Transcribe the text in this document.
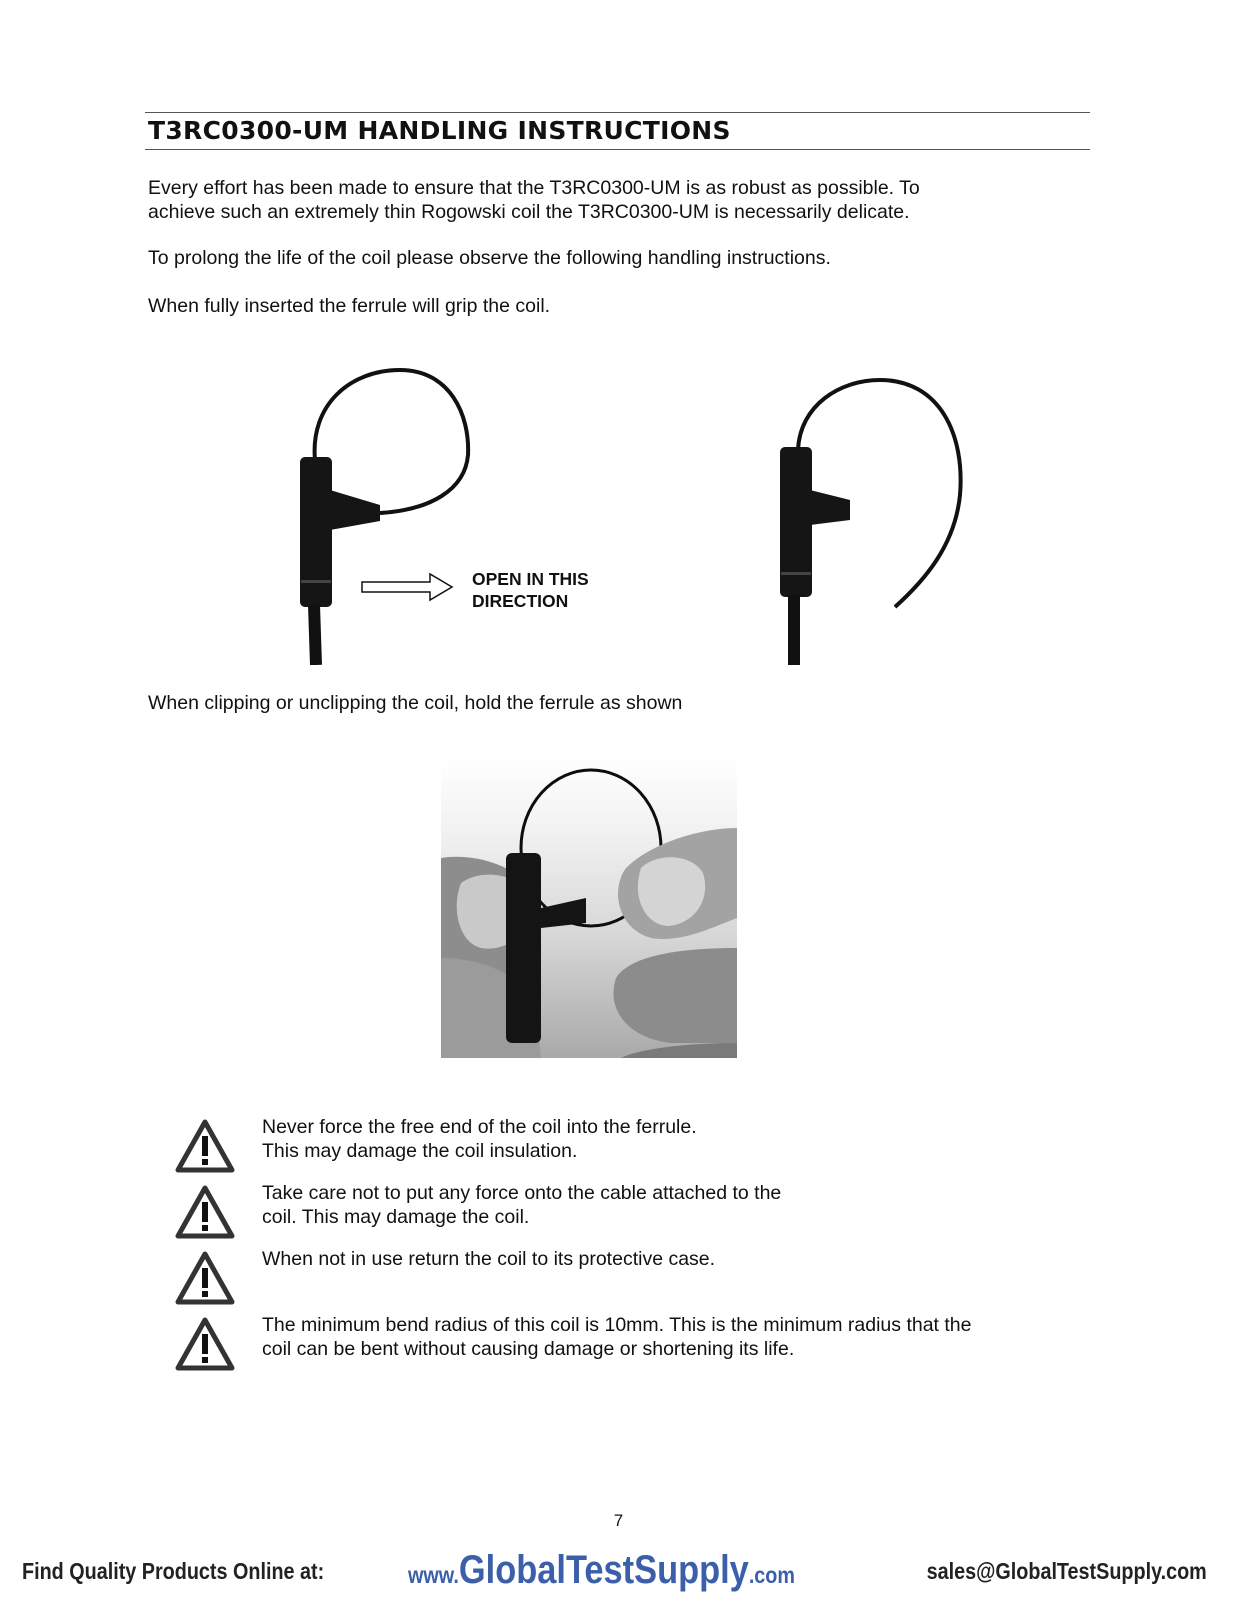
T3RC0300-UM HANDLING INSTRUCTIONS

Every effort has been made to ensure that the T3RC0300-UM is as robust as possible. To
achieve such an extremely thin Rogowski coil the T3RC0300-UM is necessarily delicate.

To prolong the life of the coil please observe the following handling instructions.

When fully inserted the ferrule will grip the coil.

OPEN IN THIS
DIRECTION

When clipping or unclipping the coil, hold the ferrule as shown

Never force the free end of the coil into the ferrule.
This may damage the coil insulation.

Take care not to put any force onto the cable attached to the
coil. This may damage the coil.

When not in use return the coil to its protective case.

The minimum bend radius of this coil is 10mm. This is the minimum radius that the
coil can be bent without causing damage or shortening its life.

7
Find Quality Products Online at:	www.GlobalTestSupply.com	sales@GlobalTestSupply.com
